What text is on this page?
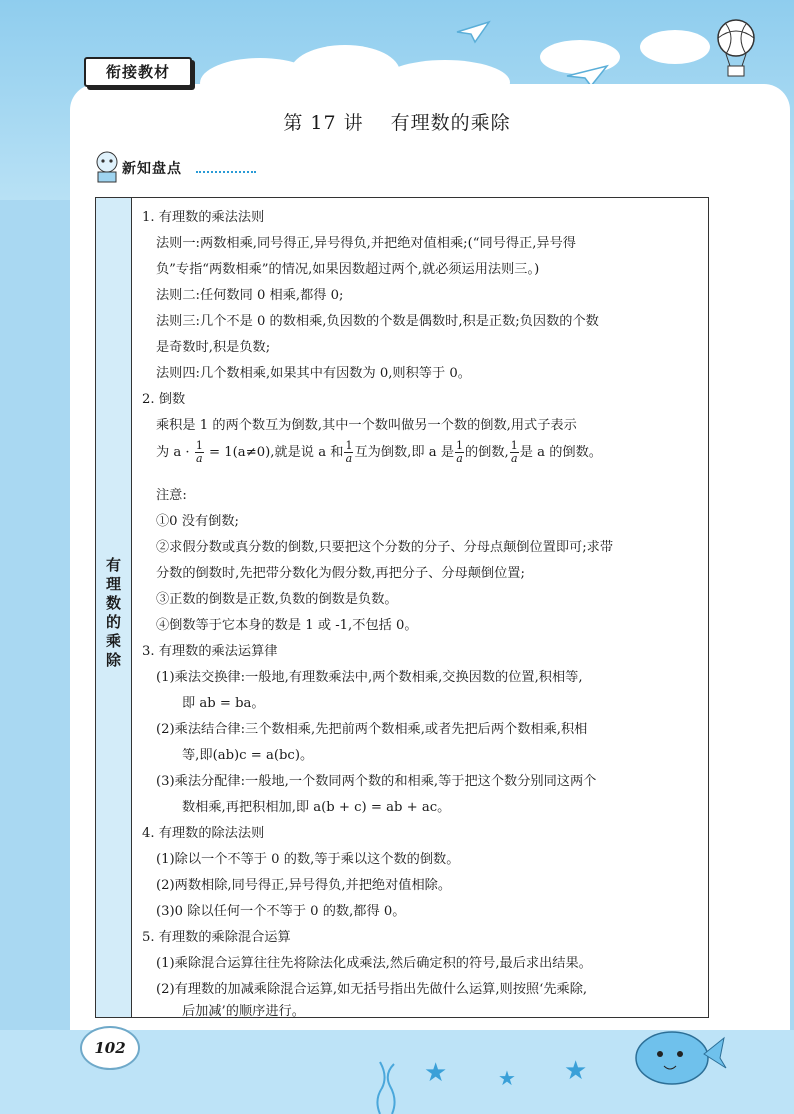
衔接教材
第 17 讲 有理数的乘除
新知盘点
有
理
数
的
乘
除
1. 有理数的乘法法则
法则一:两数相乘,同号得正,异号得负,并把绝对值相乘;(“同号得正,异号得
负”专指“两数相乘”的情况,如果因数超过两个,就必须运用法则三。)
法则二:任何数同 0 相乘,都得 0;
法则三:几个不是 0 的数相乘,负因数的个数是偶数时,积是正数;负因数的个数
是奇数时,积是负数;
法则四:几个数相乘,如果其中有因数为 0,则积等于 0。
2. 倒数
乘积是 1 的两个数互为倒数,其中一个数叫做另一个数的倒数,用式子表示
为 $a \cdot \frac{1}{a} = 1(a\ne 0)$,就是说 a 和 $\frac{1}{a}$ 互为倒数,即 a 是 $\frac{1}{a}$ 的倒数, $\frac{1}{a}$ 是 a 的倒数。
注意:
①0 没有倒数;
②求假分数或真分数的倒数,只要把这个分数的分子、分母点颠倒位置即可;求带
分数的倒数时,先把带分数化为假分数,再把分子、分母颠倒位置;
③正数的倒数是正数,负数的倒数是负数。
④倒数等于它本身的数是 1 或 -1,不包括 0。
3. 有理数的乘法运算律
(1)乘法交换律:一般地,有理数乘法中,两个数相乘,交换因数的位置,积相等,
即 ab = ba。
(2)乘法结合律:三个数相乘,先把前两个数相乘,或者先把后两个数相乘,积相
等,即(ab)c = a(bc)。
(3)乘法分配律:一般地,一个数同两个数的和相乘,等于把这个数分别同这两个
数相乘,再把积相加,即 a(b + c) = ab + ac。
4. 有理数的除法法则
(1)除以一个不等于 0 的数,等于乘以这个数的倒数。
(2)两数相除,同号得正,异号得负,并把绝对值相除。
(3)0 除以任何一个不等于 0 的数,都得 0。
5. 有理数的乘除混合运算
(1)乘除混合运算往往先将除法化成乘法,然后确定积的符号,最后求出结果。
(2)有理数的加减乘除混合运算,如无括号指出先做什么运算,则按照‘先乘除,
后加减’的顺序进行。
102
★	★ ★
